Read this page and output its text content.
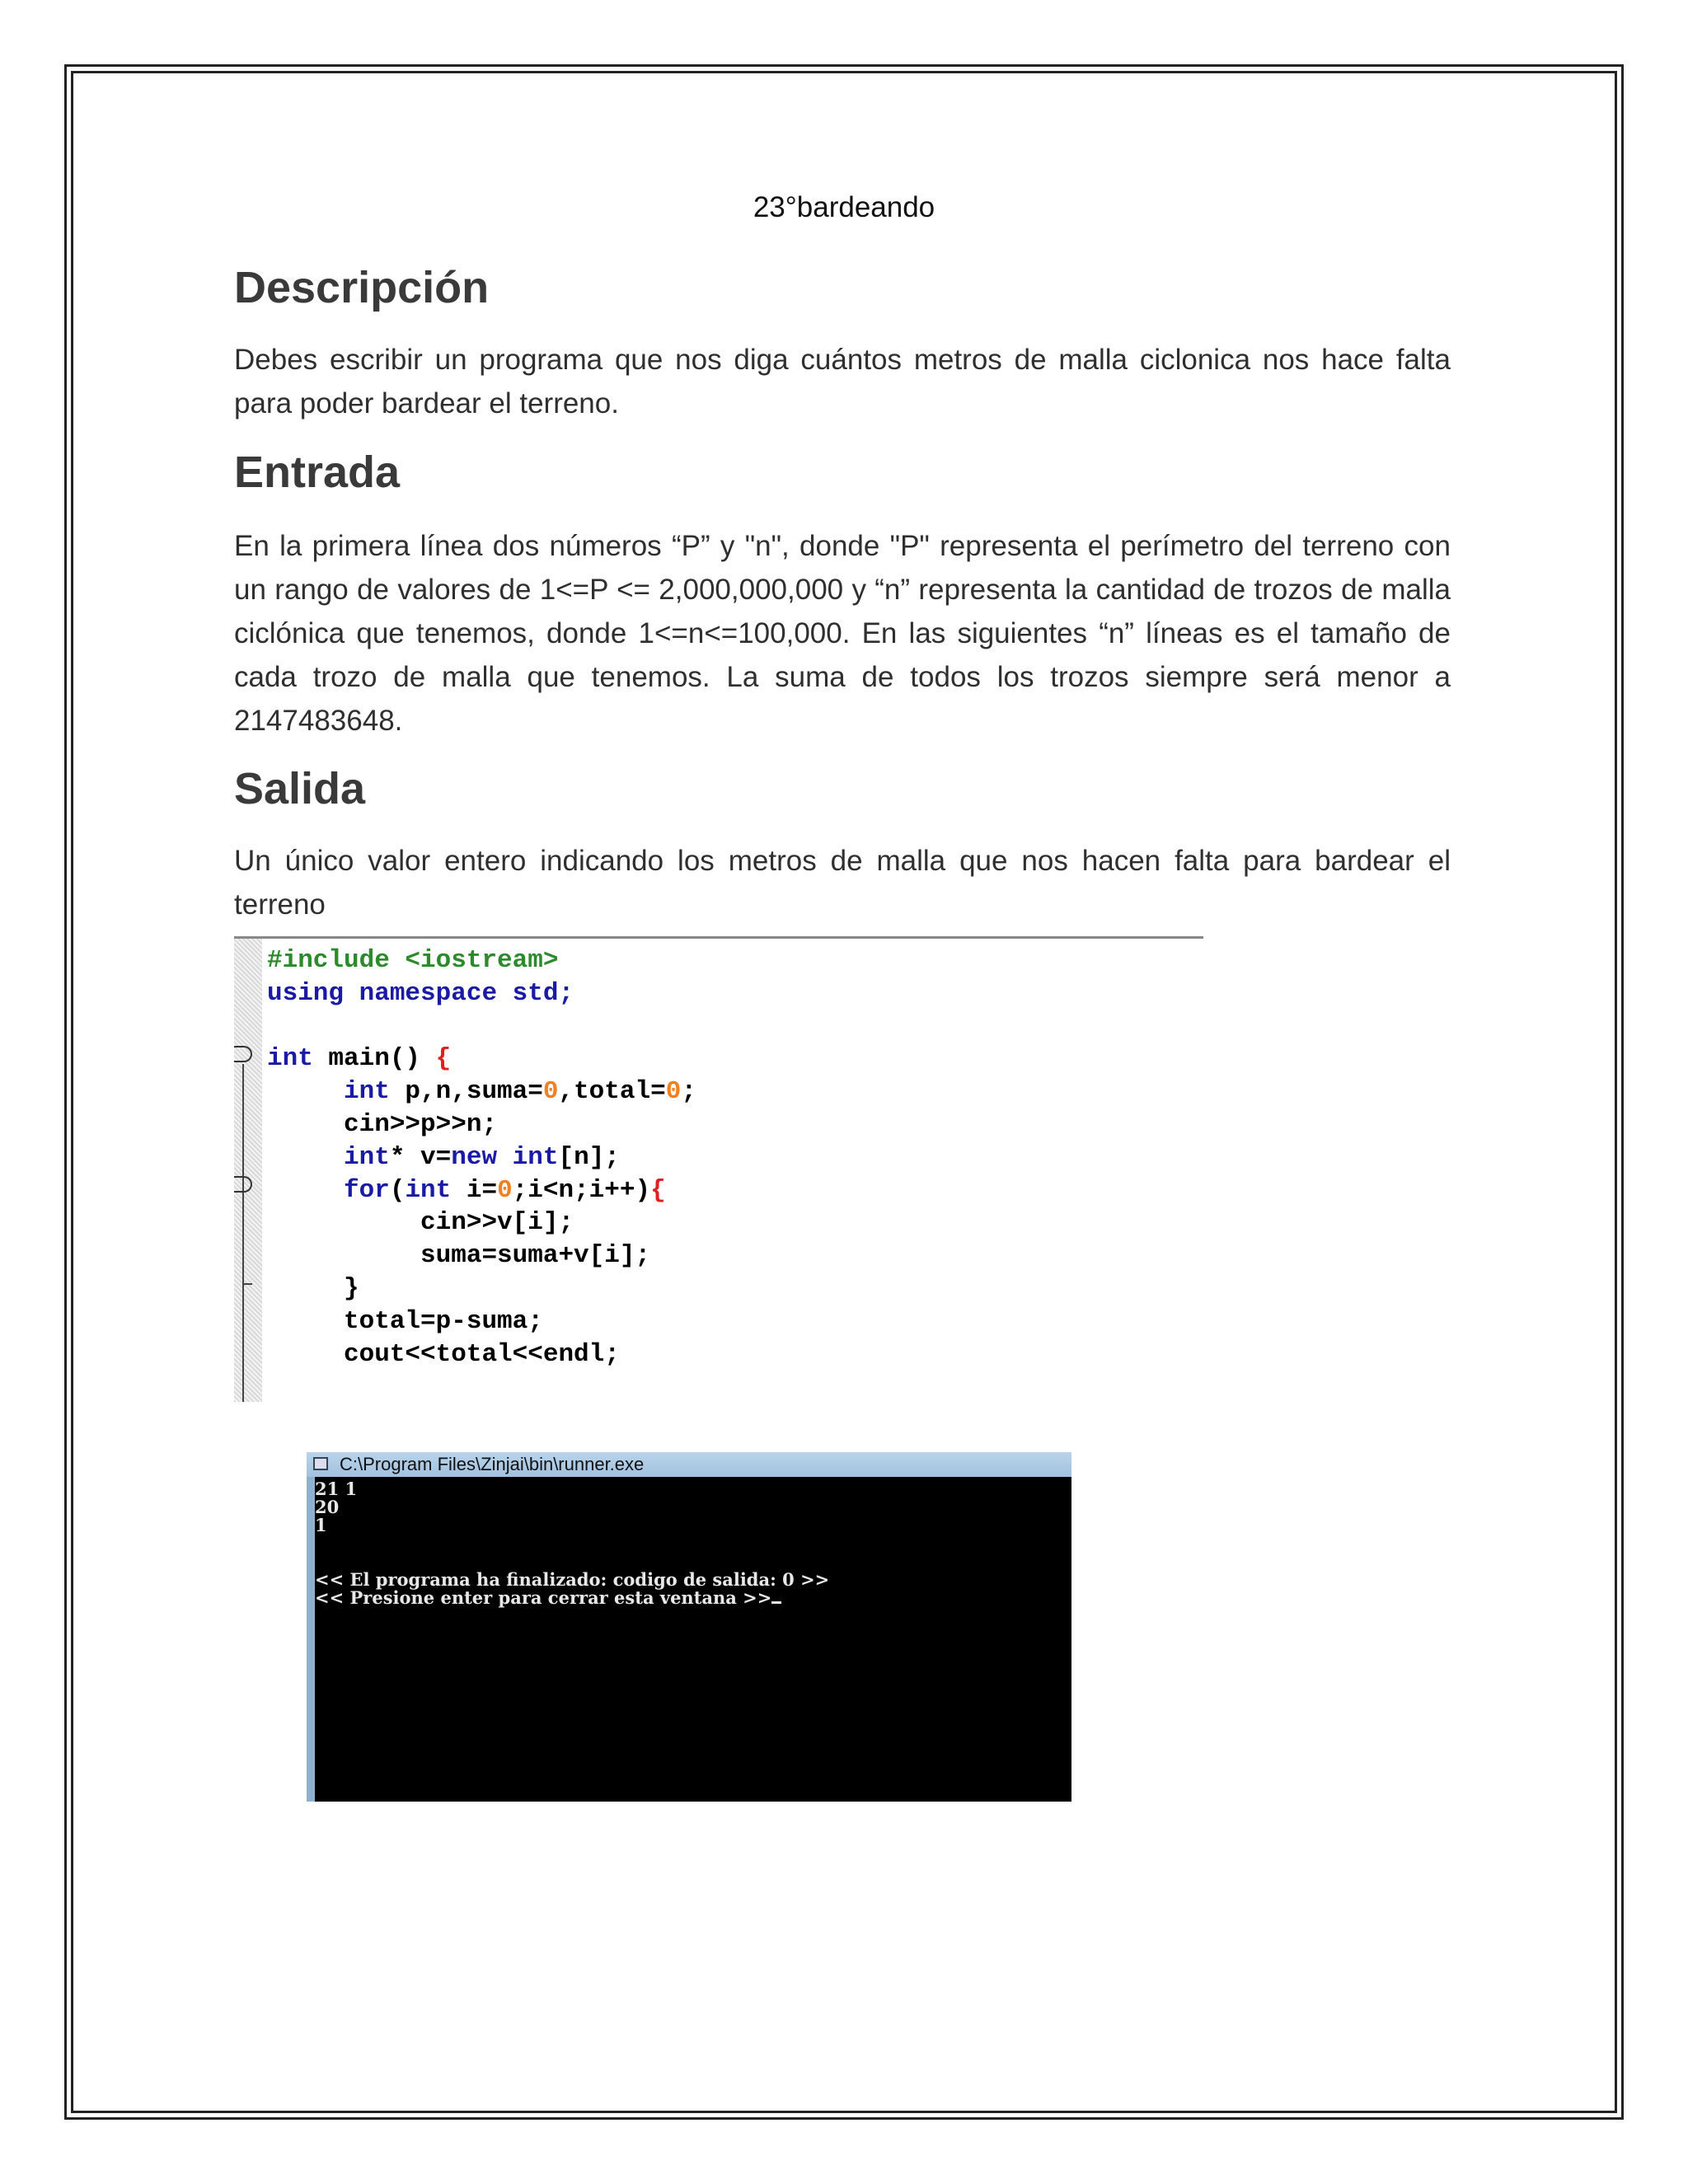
23°bardeando
Descripción
Debes escribir un programa que nos diga cuántos metros de malla ciclonica nos hace falta para poder bardear el terreno.
Entrada
En la primera línea dos números “P” y "n", donde "P" representa el perímetro del terreno con un rango de valores de 1<=P <= 2,000,000,000 y “n” representa la cantidad de trozos de malla ciclónica que tenemos, donde 1<=n<=100,000. En las siguientes “n” líneas es el tamaño de cada trozo de malla que tenemos. La suma de todos los trozos siempre será menor a 2147483648.
Salida
Un único valor entero indicando los metros de malla que nos hacen falta para bardear el terreno
#include <iostream>
using namespace std;
int main() {
int p,n,suma=0,total=0;
cin>>p>>n;
int* v=new int[n];
for(int i=0;i<n;i++){
cin>>v[i];
suma=suma+v[i];
}
total=p-suma;
cout<<total<<endl;
C:\Program Files\Zinjai\bin\runner.exe
21 1
20
1
<< El programa ha finalizado: codigo de salida: 0 >>
<< Presione enter para cerrar esta ventana >>
